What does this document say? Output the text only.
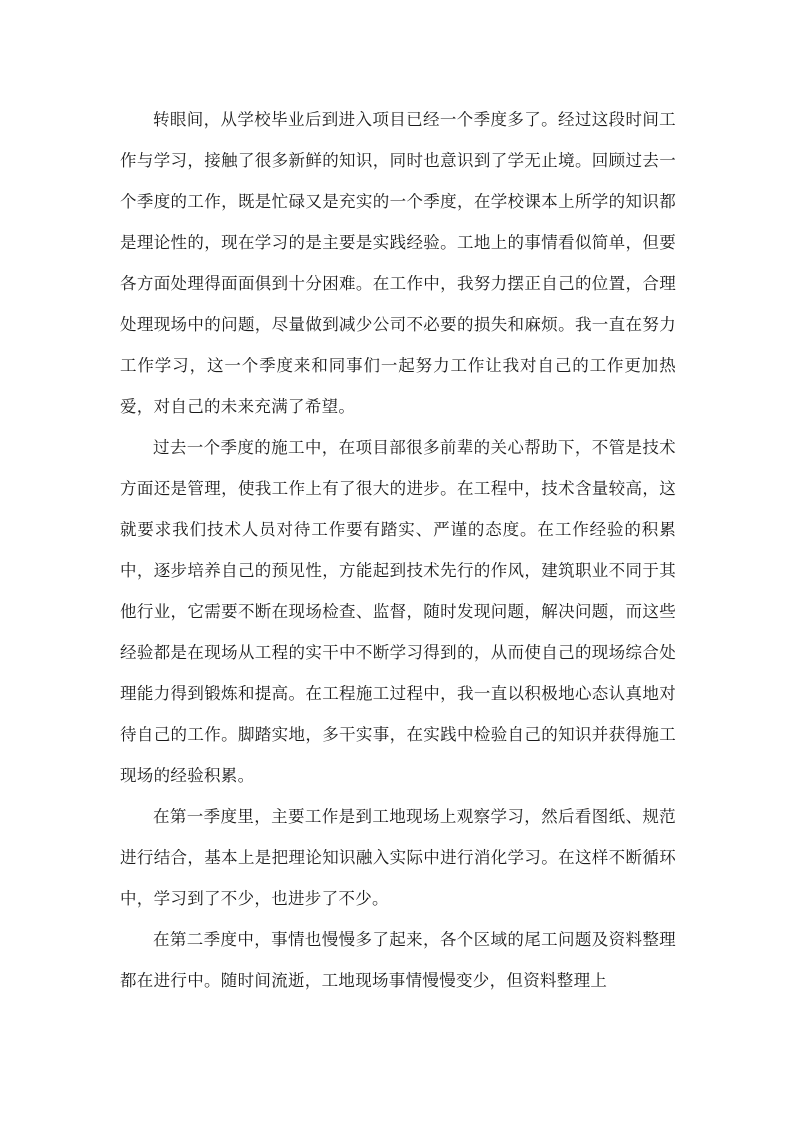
转眼间，从学校毕业后到进入项目已经一个季度多了。经过这段时间工作与学习，接触了很多新鲜的知识，同时也意识到了学无止境。回顾过去一个季度的工作，既是忙碌又是充实的一个季度，在学校课本上所学的知识都是理论性的，现在学习的是主要是实践经验。工地上的事情看似简单，但要各方面处理得面面俱到十分困难。在工作中，我努力摆正自己的位置，合理处理现场中的问题，尽量做到减少公司不必要的损失和麻烦。我一直在努力工作学习，这一个季度来和同事们一起努力工作让我对自己的工作更加热爱，对自己的未来充满了希望。

过去一个季度的施工中，在项目部很多前辈的关心帮助下，不管是技术方面还是管理，使我工作上有了很大的进步。在工程中，技术含量较高，这就要求我们技术人员对待工作要有踏实、严谨的态度。在工作经验的积累中，逐步培养自己的预见性，方能起到技术先行的作风，建筑职业不同于其他行业，它需要不断在现场检查、监督，随时发现问题，解决问题，而这些经验都是在现场从工程的实干中不断学习得到的，从而使自己的现场综合处理能力得到锻炼和提高。在工程施工过程中，我一直以积极地心态认真地对待自己的工作。脚踏实地，多干实事，在实践中检验自己的知识并获得施工现场的经验积累。

在第一季度里，主要工作是到工地现场上观察学习，然后看图纸、规范进行结合，基本上是把理论知识融入实际中进行消化学习。在这样不断循环中，学习到了不少，也进步了不少。

在第二季度中，事情也慢慢多了起来，各个区域的尾工问题及资料整理都在进行中。随时间流逝，工地现场事情慢慢变少，但资料整理上
